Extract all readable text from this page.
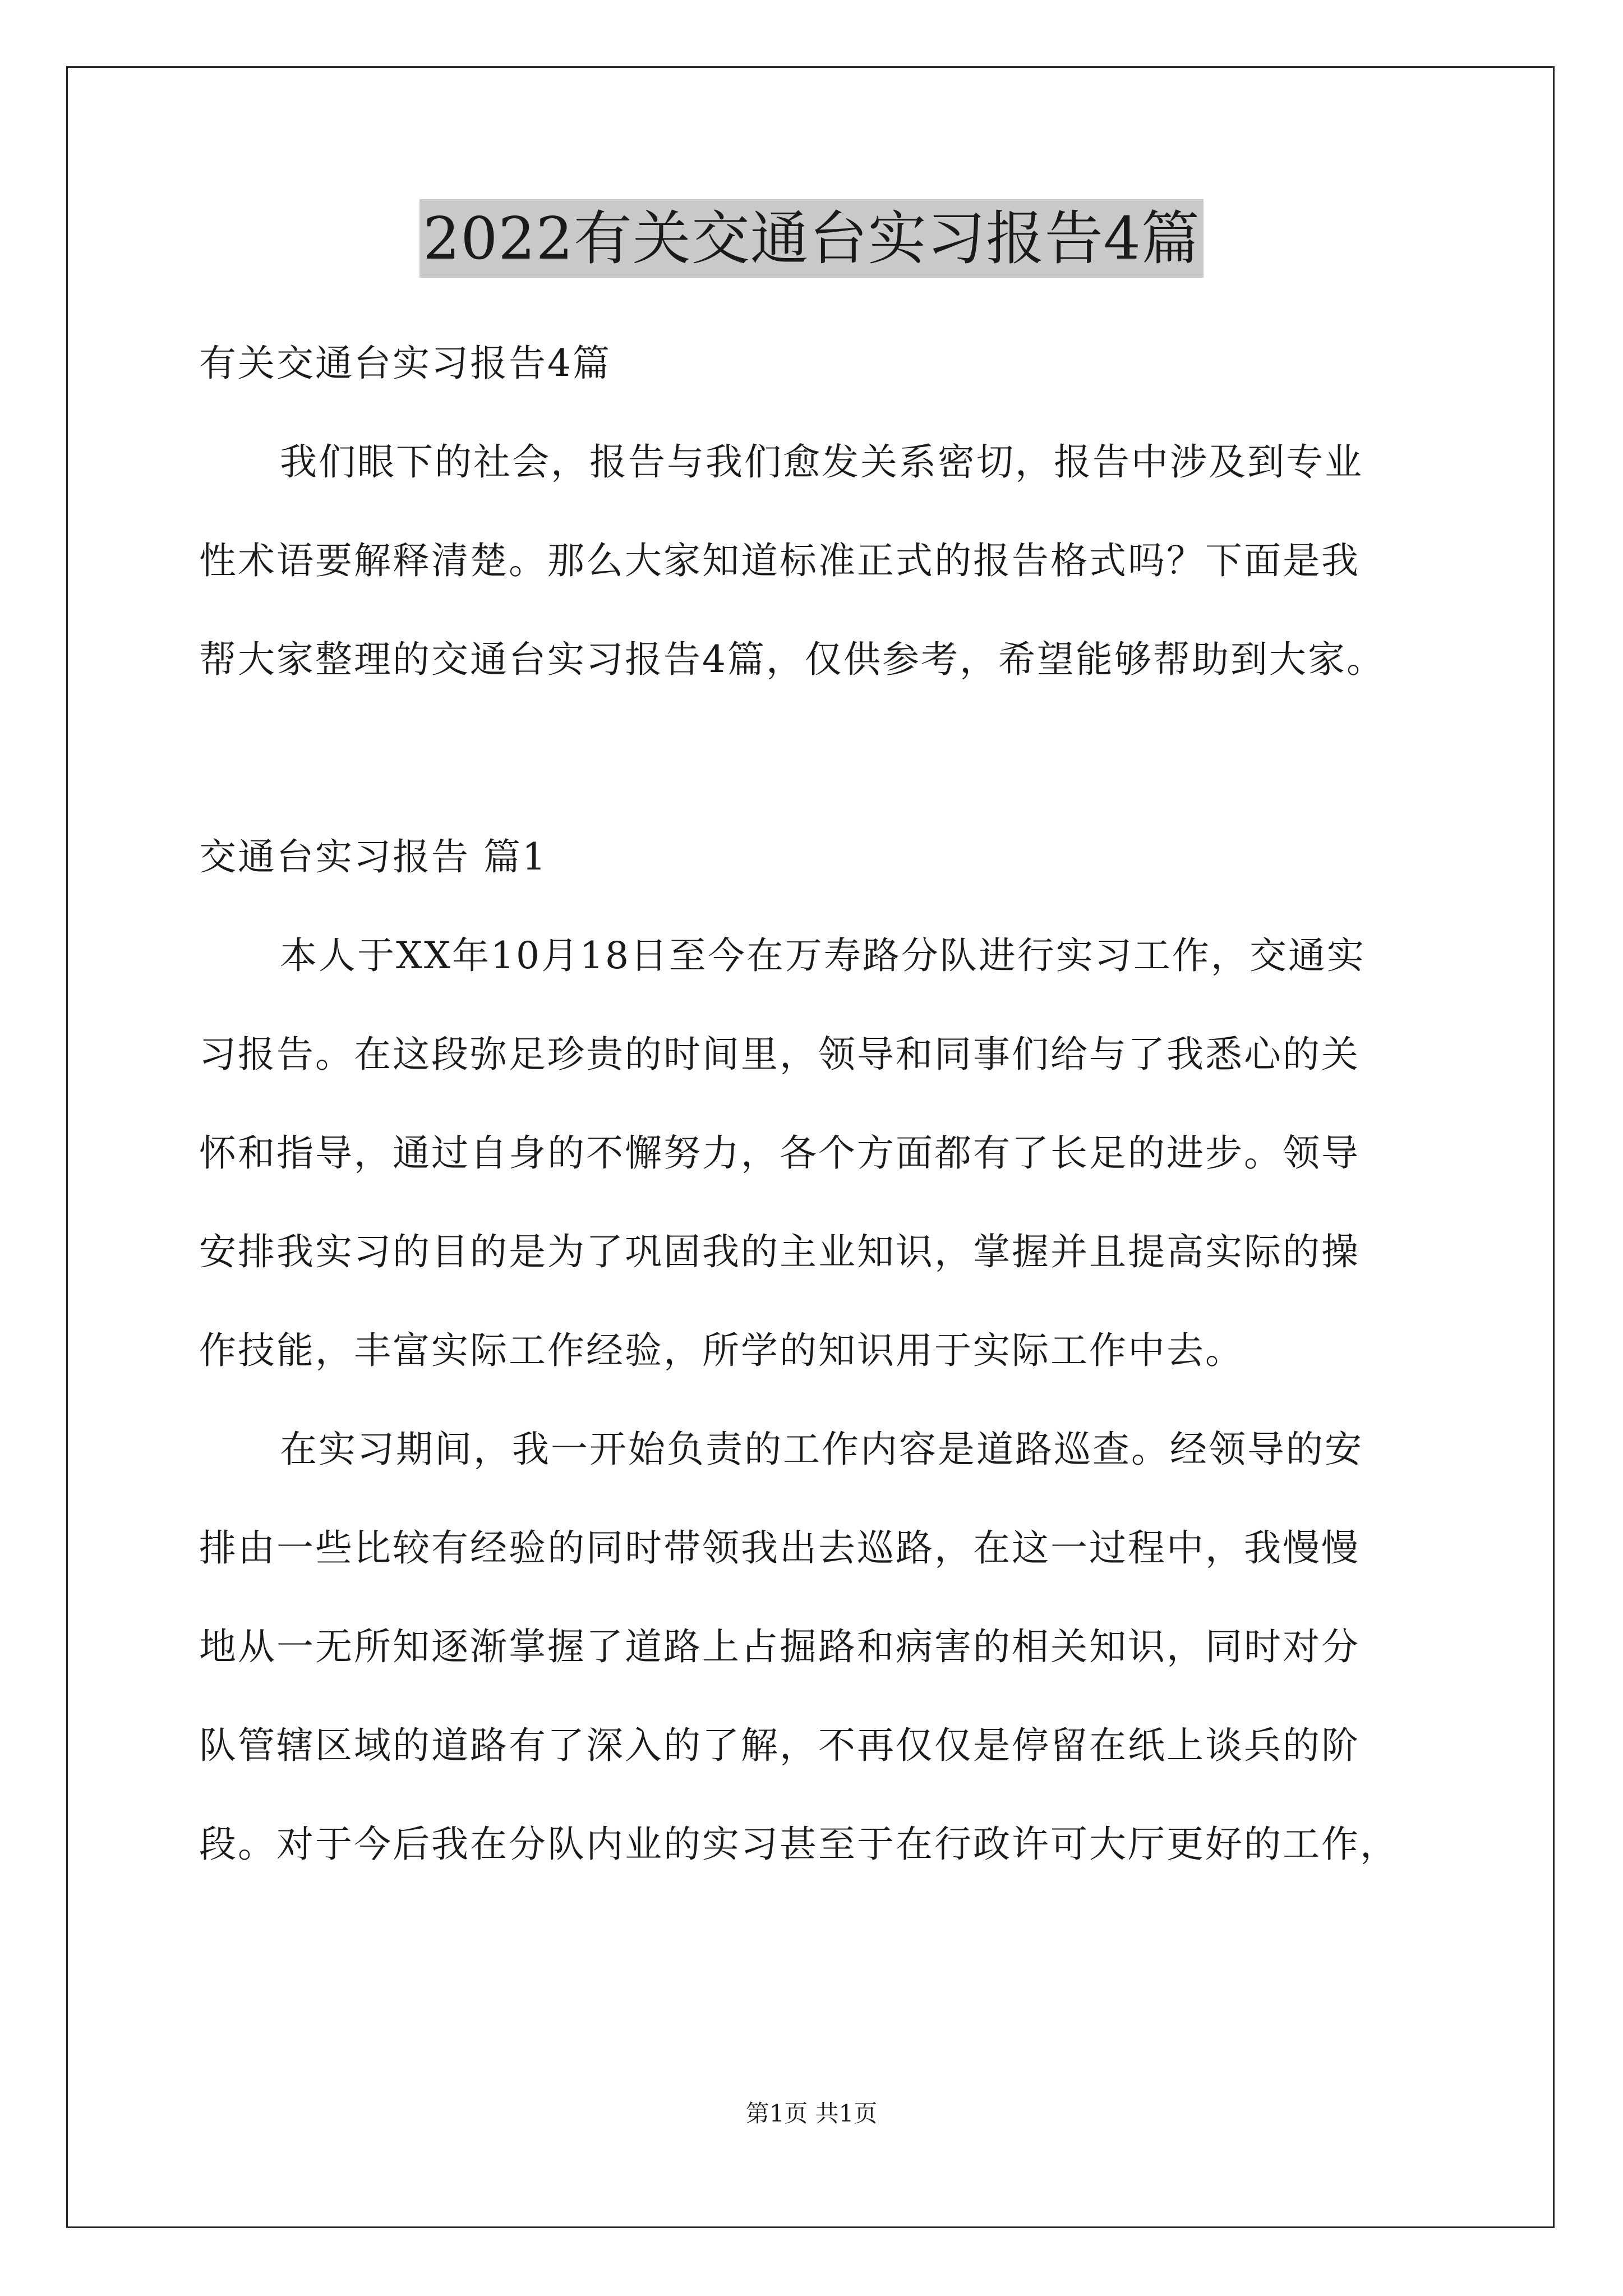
2022有关交通台实习报告4篇
有关交通台实习报告4篇
我们眼下的社会，报告与我们愈发关系密切，报告中涉及到专业
性术语要解释清楚。那么大家知道标准正式的报告格式吗？下面是我
帮大家整理的交通台实习报告4篇，仅供参考，希望能够帮助到大家。
交通台实习报告 篇1
本人于XX年10月18日至今在万寿路分队进行实习工作，交通实
习报告。在这段弥足珍贵的时间里，领导和同事们给与了我悉心的关
怀和指导，通过自身的不懈努力，各个方面都有了长足的进步。领导
安排我实习的目的是为了巩固我的主业知识，掌握并且提高实际的操
作技能，丰富实际工作经验，所学的知识用于实际工作中去。
在实习期间，我一开始负责的工作内容是道路巡查。经领导的安
排由一些比较有经验的同时带领我出去巡路，在这一过程中，我慢慢
地从一无所知逐渐掌握了道路上占掘路和病害的相关知识，同时对分
队管辖区域的道路有了深入的了解，不再仅仅是停留在纸上谈兵的阶
段。对于今后我在分队内业的实习甚至于在行政许可大厅更好的工作，
第1页 共1页
